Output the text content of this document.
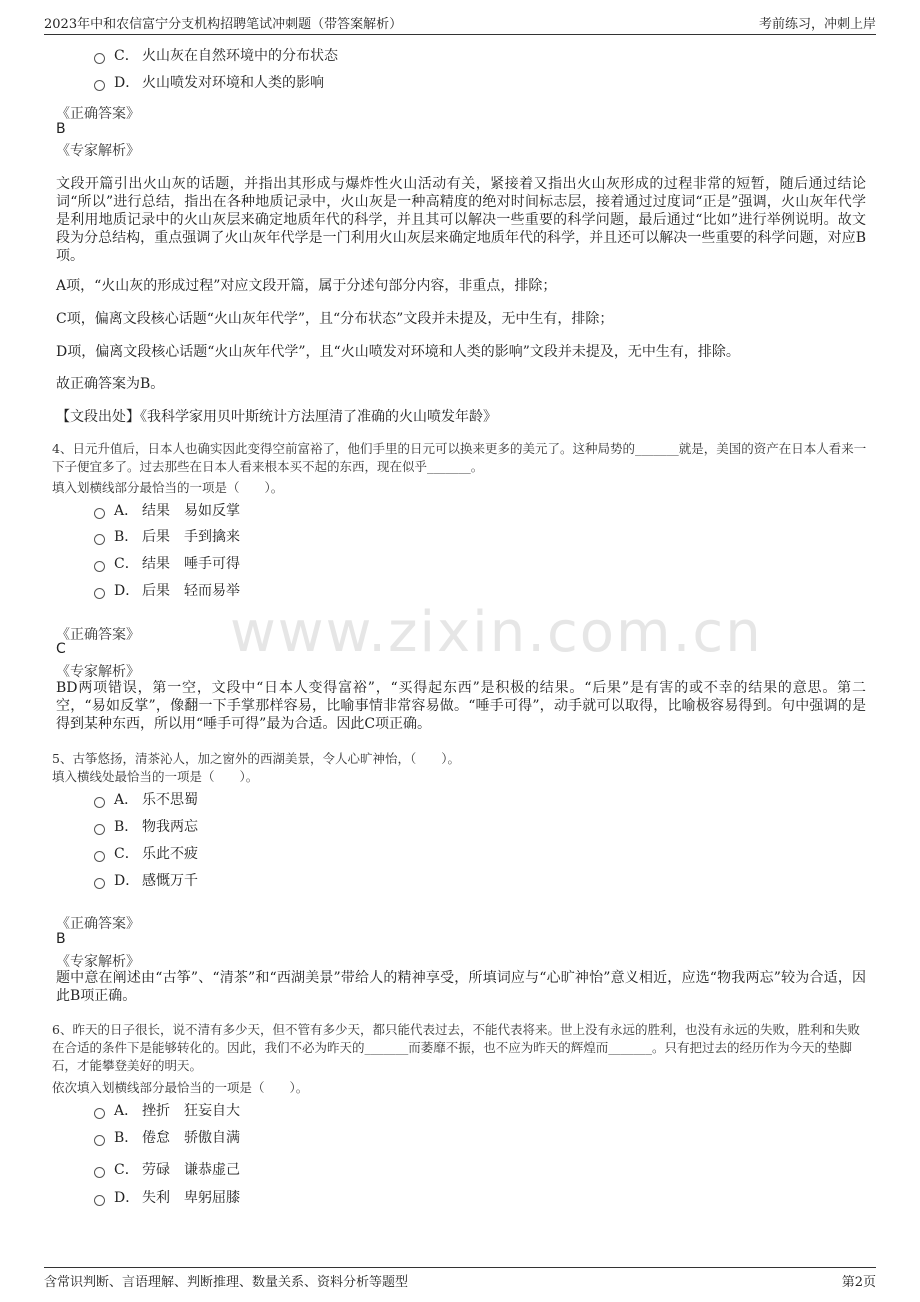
2023年中和农信富宁分支机构招聘笔试冲刺题（带答案解析）	考前练习，冲刺上岸
www.zixin.com.cn
C． 火山灰在自然环境中的分布状态
D． 火山喷发对环境和人类的影响
《正确答案》
B
《专家解析》
文段开篇引出火山灰的话题，并指出其形成与爆炸性火山活动有关，紧接着又指出火山灰形成的过程非常的短暂，随后通过结论词“所以”进行总结，指出在各种地质记录中，火山灰是一种高精度的绝对时间标志层，接着通过过度词“正是”强调，火山灰年代学是利用地质记录中的火山灰层来确定地质年代的科学，并且其可以解决一些重要的科学问题，最后通过“比如”进行举例说明。故文段为分总结构，重点强调了火山灰年代学是一门利用火山灰层来确定地质年代的科学，并且还可以解决一些重要的科学问题，对应B项。
A项，“火山灰的形成过程”对应文段开篇，属于分述句部分内容，非重点，排除；
C项，偏离文段核心话题“火山灰年代学”，且“分布状态”文段并未提及，无中生有，排除；
D项，偏离文段核心话题“火山灰年代学”，且“火山喷发对环境和人类的影响”文段并未提及，无中生有，排除。
故正确答案为B。
【文段出处】《我科学家用贝叶斯统计方法厘清了准确的火山喷发年龄》
4、日元升值后，日本人也确实因此变得空前富裕了，他们手里的日元可以换来更多的美元了。这种局势的_______就是，美国的资产在日本人看来一下子便宜多了。过去那些在日本人看来根本买不起的东西，现在似乎_______。
填入划横线部分最恰当的一项是（　　）。
A． 结果　易如反掌
B． 后果　手到擒来
C． 结果　唾手可得
D． 后果　轻而易举
《正确答案》
C
《专家解析》
BD两项错误，第一空，文段中“日本人变得富裕”，“买得起东西”是积极的结果。“后果”是有害的或不幸的结果的意思。第二空，“易如反掌”，像翻一下手掌那样容易，比喻事情非常容易做。“唾手可得”，动手就可以取得，比喻极容易得到。句中强调的是得到某种东西，所以用“唾手可得”最为合适。因此C项正确。
5、古筝悠扬，清茶沁人，加之窗外的西湖美景，令人心旷神怡，（　　）。
填入横线处最恰当的一项是（　　）。
A． 乐不思蜀
B． 物我两忘
C． 乐此不疲
D． 感慨万千
《正确答案》
B
《专家解析》
题中意在阐述由“古筝”、“清茶”和“西湖美景”带给人的精神享受，所填词应与“心旷神怡”意义相近，应选“物我两忘”较为合适，因此B项正确。
6、昨天的日子很长，说不清有多少天，但不管有多少天，都只能代表过去，不能代表将来。世上没有永远的胜利，也没有永远的失败，胜利和失败在合适的条件下是能够转化的。因此，我们不必为昨天的_______而萎靡不振，也不应为昨天的辉煌而_______。只有把过去的经历作为今天的垫脚石，才能攀登美好的明天。
依次填入划横线部分最恰当的一项是（　　）。
A． 挫折　狂妄自大
B． 倦怠　骄傲自满
C． 劳碌　谦恭虚己
D． 失利　卑躬屈膝
含常识判断、言语理解、判断推理、数量关系、资料分析等题型	第2页
